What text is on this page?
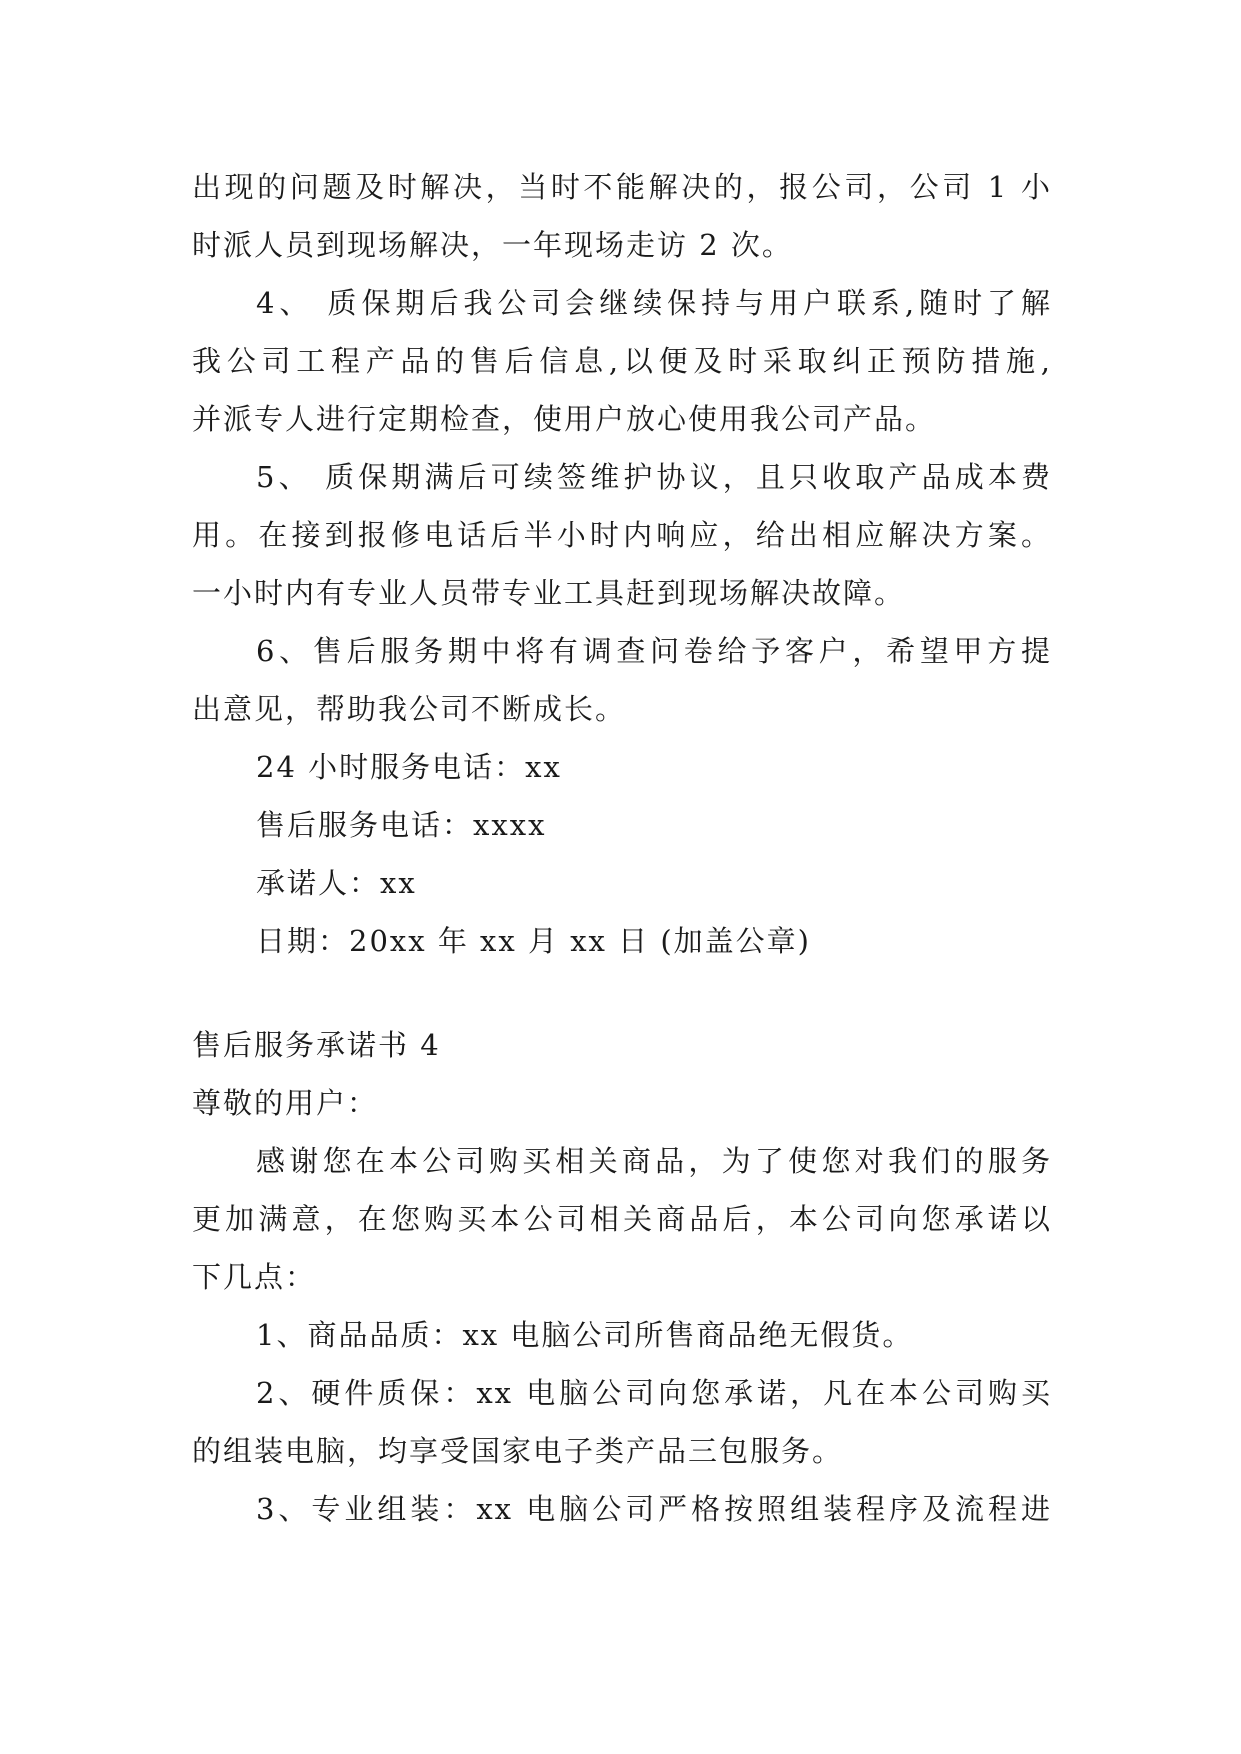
出现的问题及时解决，当时不能解决的，报公司，公司 1 小
时派人员到现场解决，一年现场走访 2 次。
4、 质保期后我公司会继续保持与用户联系,随时了解
我公司工程产品的售后信息,以便及时采取纠正预防措施,
并派专人进行定期检查，使用户放心使用我公司产品。
5、 质保期满后可续签维护协议，且只收取产品成本费
用。在接到报修电话后半小时内响应，给出相应解决方案。
一小时内有专业人员带专业工具赶到现场解决故障。
6、售后服务期中将有调查问卷给予客户，希望甲方提
出意见，帮助我公司不断成长。
24 小时服务电话：xx
售后服务电话：xxxx
承诺人：xx
日期：20xx 年 xx 月 xx 日 (加盖公章)
售后服务承诺书 4
尊敬的用户：
感谢您在本公司购买相关商品，为了使您对我们的服务
更加满意，在您购买本公司相关商品后，本公司向您承诺以
下几点：
1、商品品质：xx 电脑公司所售商品绝无假货。
2、硬件质保：xx 电脑公司向您承诺，凡在本公司购买
的组装电脑，均享受国家电子类产品三包服务。
3、专业组装：xx 电脑公司严格按照组装程序及流程进
